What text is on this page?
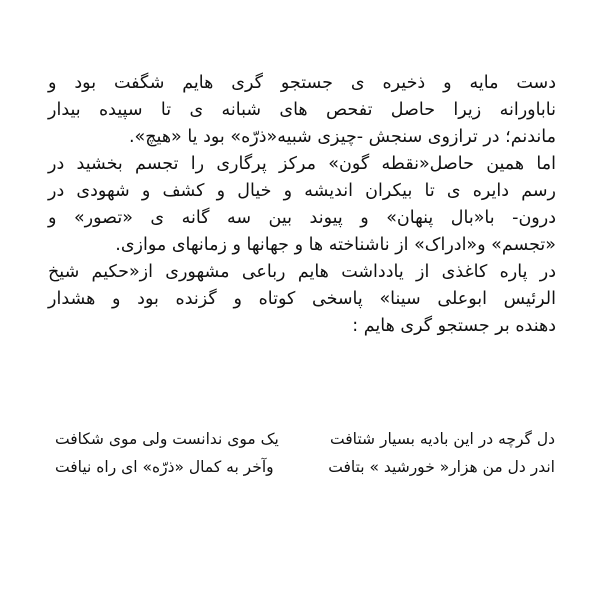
دست مایه و ذخیره ی جستجو گری هایم شگفت بود و
ناباورانه زیرا حاصل تفحص های شبانه ی تا سپیده بیدار
ماندنم؛ در ترازوی سنجش -چیزی شبیه«ذرّه» بود یا «هیچ».
اما همین حاصل«نقطه گون» مرکز پرگاری را تجسم بخشید در
رسم دایره ی تا بیکران اندیشه و خیال و کشف و شهودی در
درون- با«بال پنهان» و پیوند بین سه گانه ی «تصور» و
«تجسم» و«ادراک» از ناشناخته ها و جهانها و زمانهای موازی.
در پاره کاغذی از یادداشت هایم رباعی مشهوری از«حکیم شیخ
الرئیس ابوعلی سینا» پاسخی کوتاه و گزنده بود و هشدار
دهنده بر جستجو گری هایم :
دل گرچه در این بادیه بسیار شتافت
یک موی ندانست ولی موی شکافت
اندر دل من هزار« خورشید » بتافت
وآخر به کمال «ذرّه» ای راه نیافت
